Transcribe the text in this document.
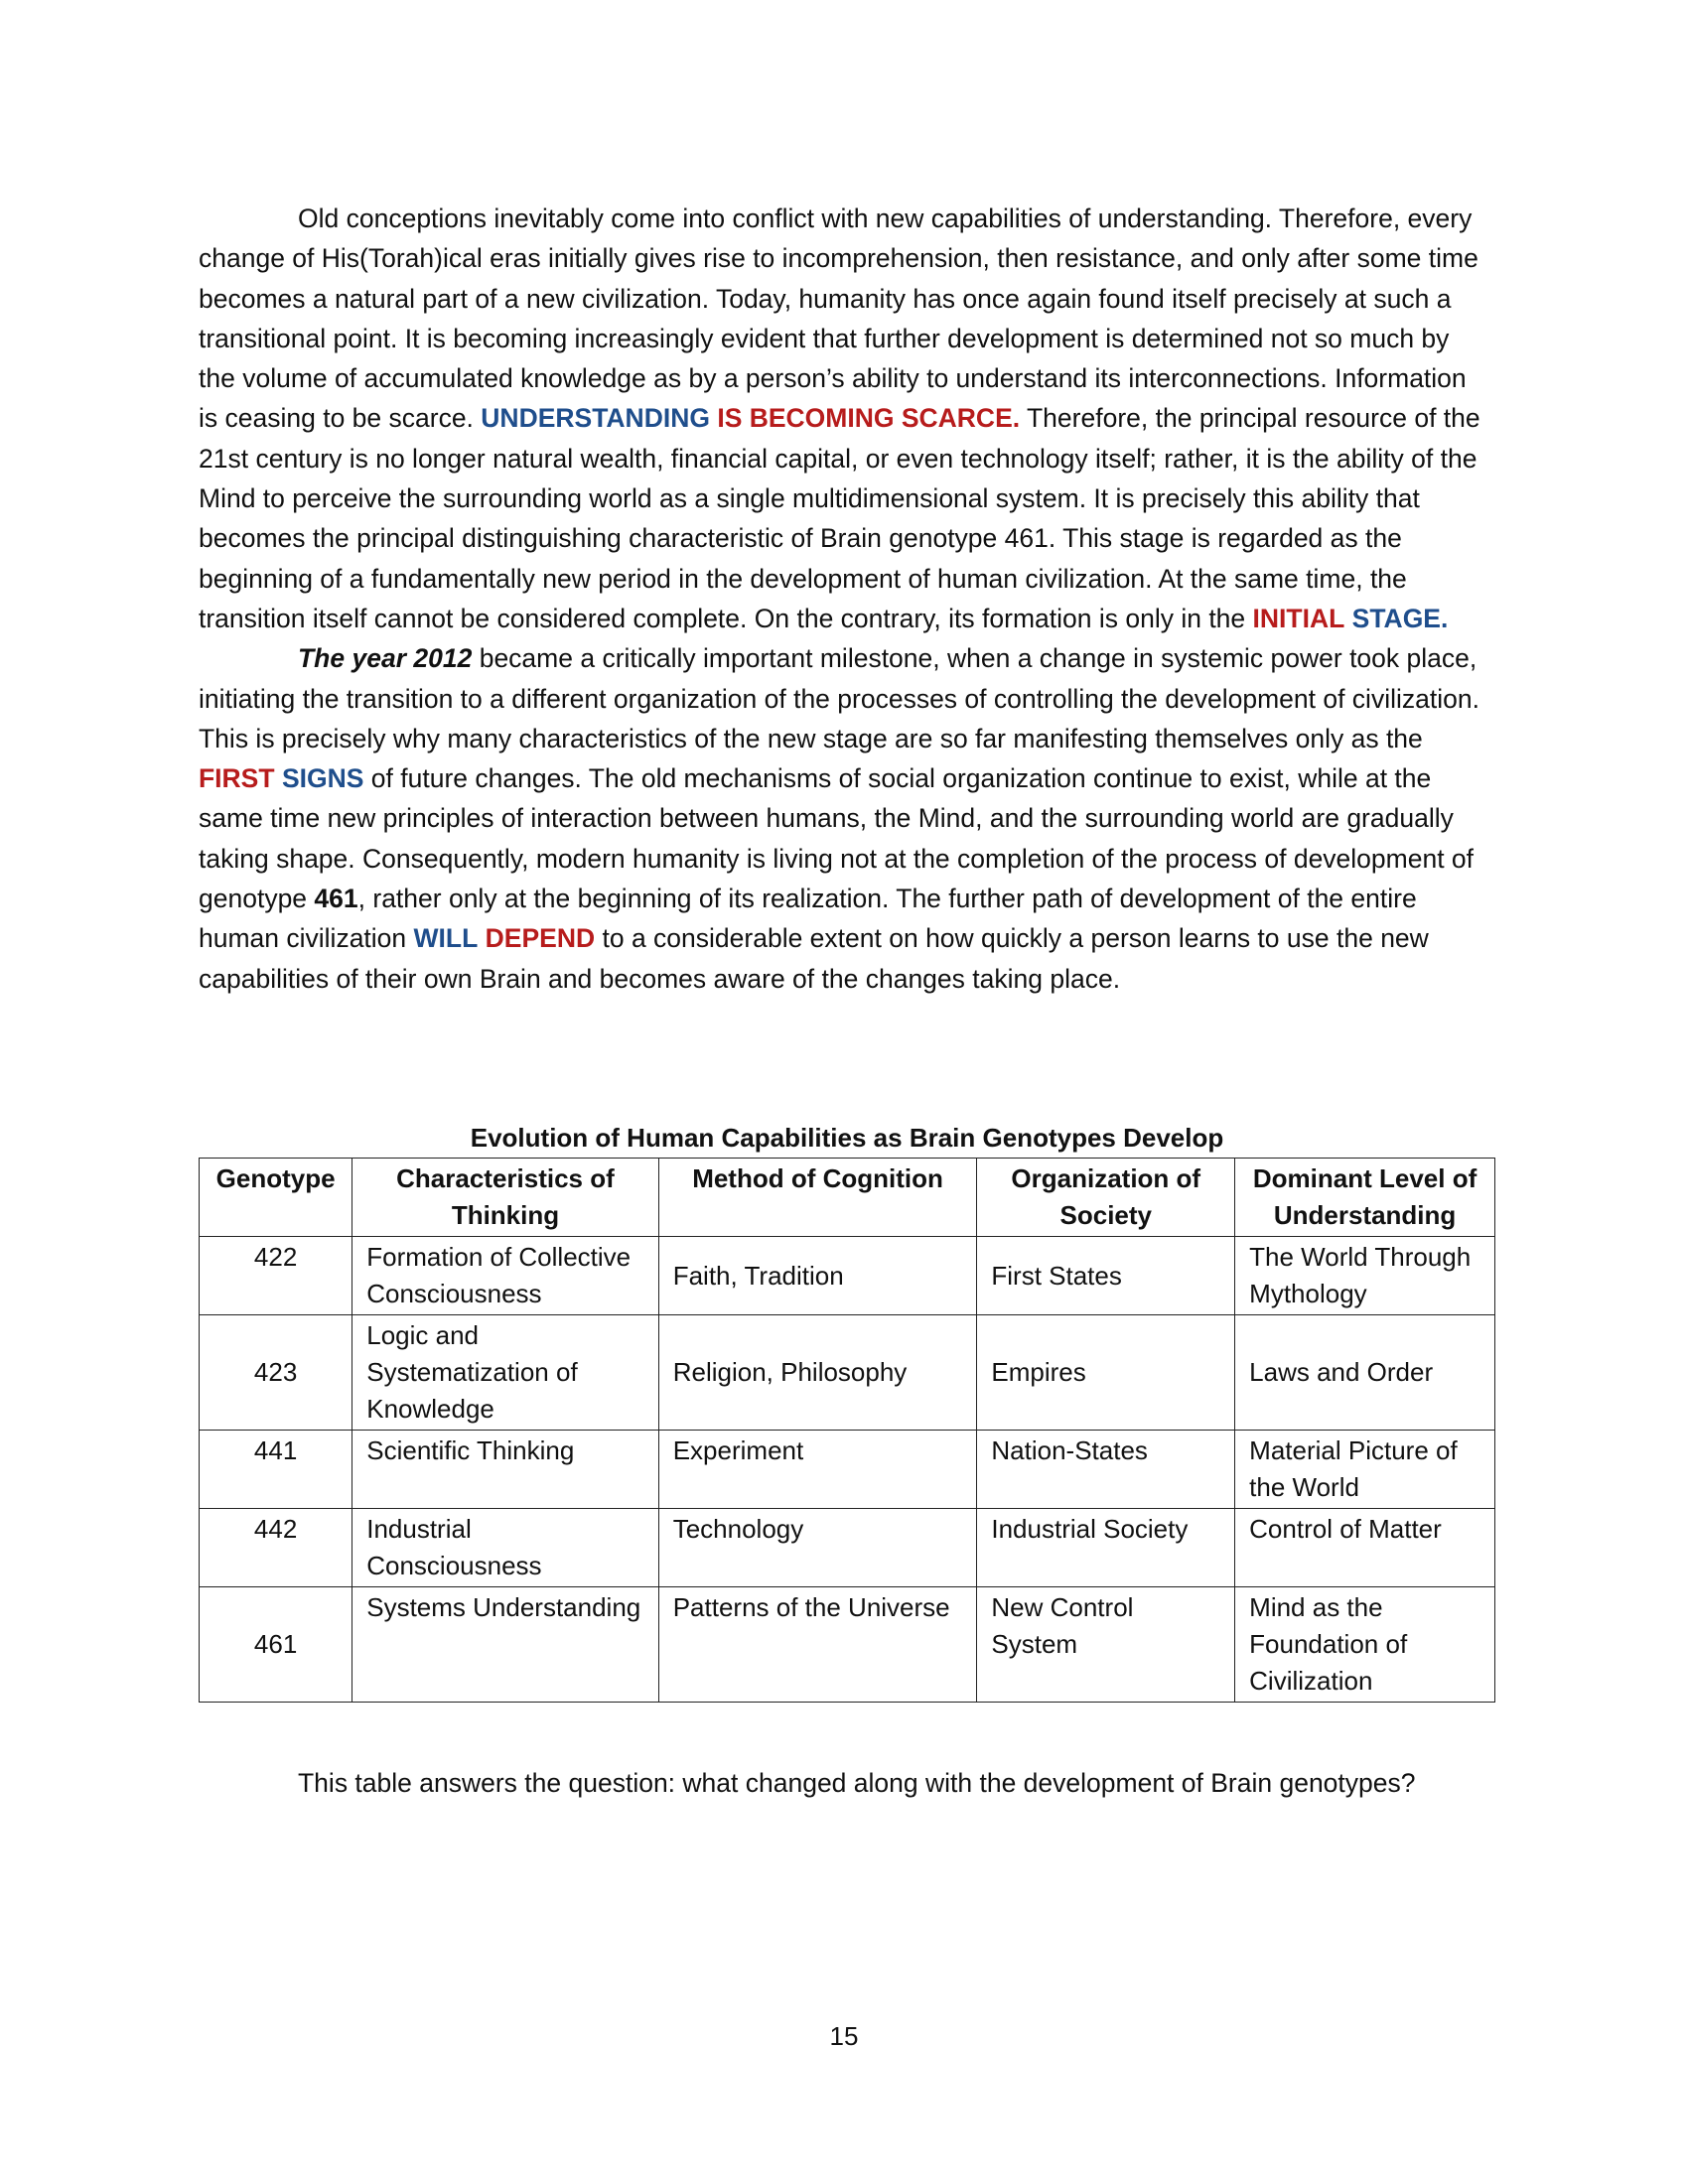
Old conceptions inevitably come into conflict with new capabilities of understanding. Therefore, every change of His(Torah)ical eras initially gives rise to incomprehension, then resistance, and only after some time becomes a natural part of a new civilization. Today, humanity has once again found itself precisely at such a transitional point. It is becoming increasingly evident that further development is determined not so much by the volume of accumulated knowledge as by a person’s ability to understand its interconnections. Information is ceasing to be scarce. UNDERSTANDING IS BECOMING SCARCE. Therefore, the principal resource of the 21st century is no longer natural wealth, financial capital, or even technology itself; rather, it is the ability of the Mind to perceive the surrounding world as a single multidimensional system. It is precisely this ability that becomes the principal distinguishing characteristic of Brain genotype 461. This stage is regarded as the beginning of a fundamentally new period in the development of human civilization. At the same time, the transition itself cannot be considered complete. On the contrary, its formation is only in the INITIAL STAGE.

The year 2012 became a critically important milestone, when a change in systemic power took place, initiating the transition to a different organization of the processes of controlling the development of civilization. This is precisely why many characteristics of the new stage are so far manifesting themselves only as the FIRST SIGNS of future changes. The old mechanisms of social organization continue to exist, while at the same time new principles of interaction between humans, the Mind, and the surrounding world are gradually taking shape. Consequently, modern humanity is living not at the completion of the process of development of genotype 461, rather only at the beginning of its realization. The further path of development of the entire human civilization WILL DEPEND to a considerable extent on how quickly a person learns to use the new capabilities of their own Brain and becomes aware of the changes taking place.

Evolution of Human Capabilities as Brain Genotypes Develop
Genotype	Characteristics of Thinking	Method of Cognition	Organization of Society	Dominant Level of Understanding
422	Formation of Collective Consciousness	Faith, Tradition	First States	The World Through Mythology
423	Logic and Systematization of Knowledge	Religion, Philosophy	Empires	Laws and Order
441	Scientific Thinking	Experiment	Nation-States	Material Picture of the World
442	Industrial Consciousness	Technology	Industrial Society	Control of Matter
461	Systems Understanding	Patterns of the Universe	New Control System	Mind as the Foundation of Civilization
This table answers the question: what changed along with the development of Brain genotypes?
15
